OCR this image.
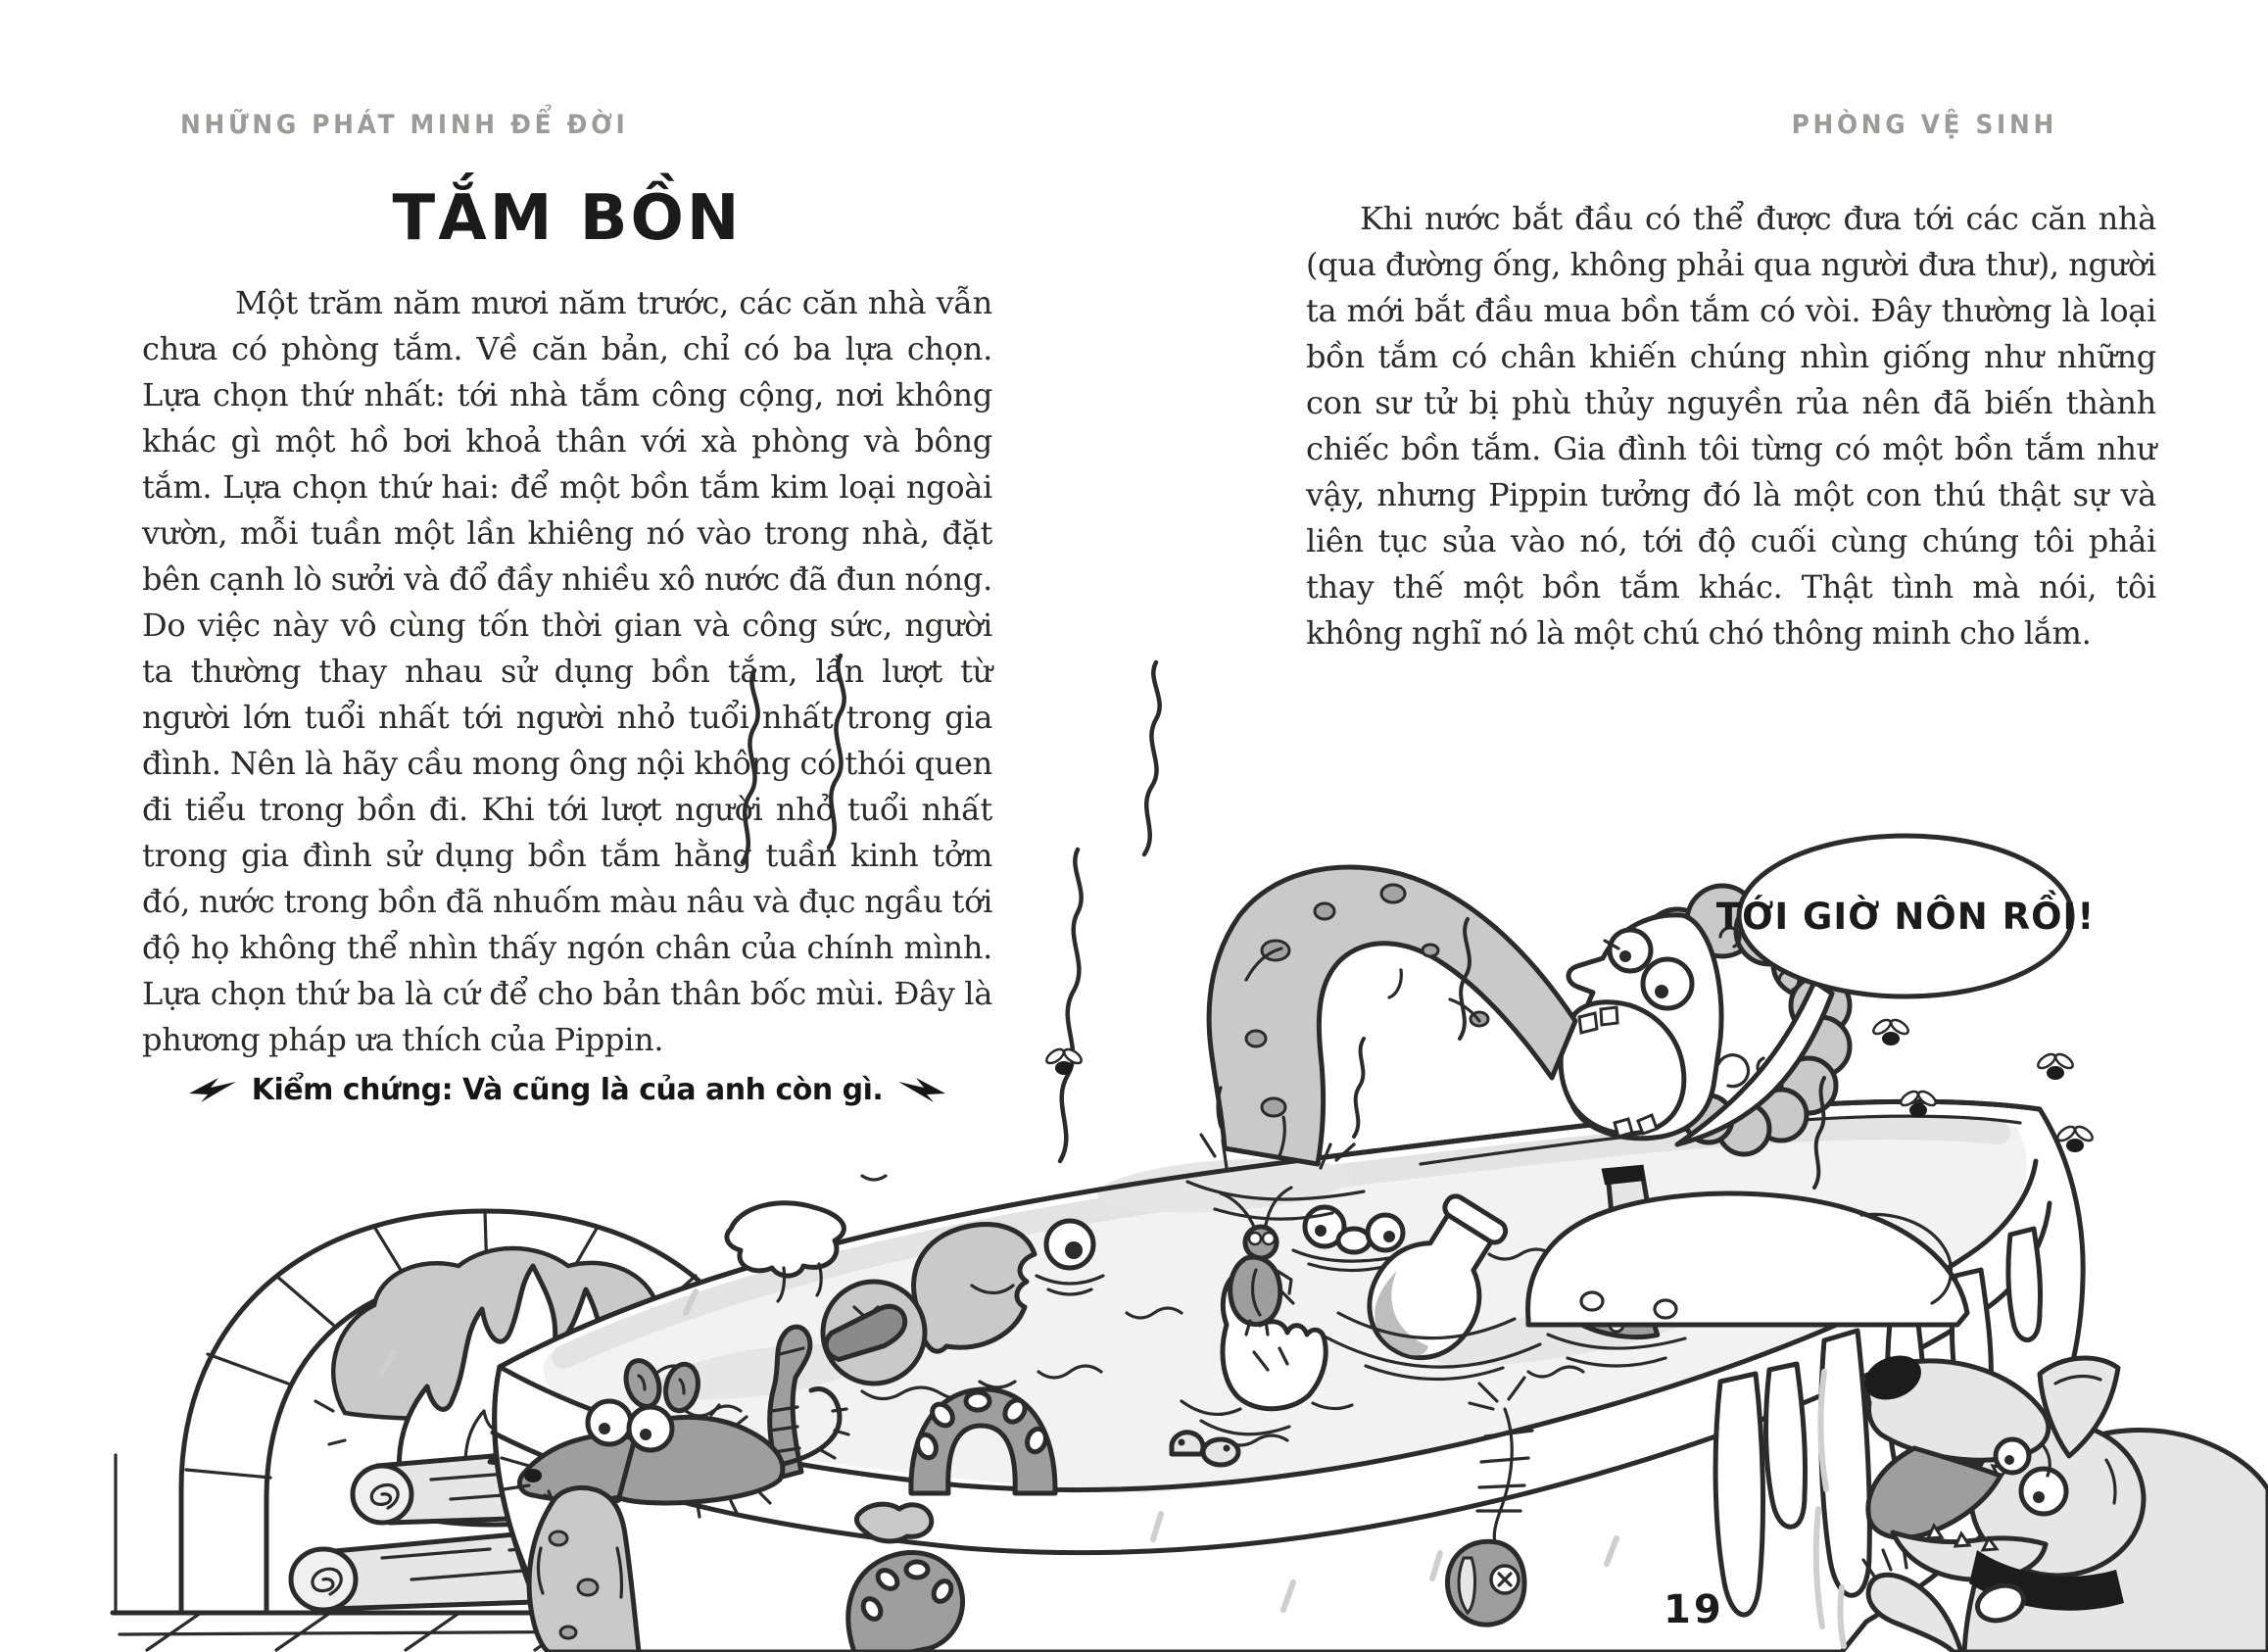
NHỮNG PHÁT MINH ĐỂ ĐỜI	PHÒNG VỆ SINH
TẮM BỒN

Một trăm năm mươi năm trước, các căn nhà vẫn chưa có phòng tắm. Về căn bản, chỉ có ba lựa chọn. Lựa chọn thứ nhất: tới nhà tắm công cộng, nơi không khác gì một hồ bơi khoả thân với xà phòng và bông tắm. Lựa chọn thứ hai: để một bồn tắm kim loại ngoài vườn, mỗi tuần một lần khiêng nó vào trong nhà, đặt bên cạnh lò sưởi và đổ đầy nhiều xô nước đã đun nóng. Do việc này vô cùng tốn thời gian và công sức, người ta thường thay nhau sử dụng bồn tắm, lần lượt từ người lớn tuổi nhất tới người nhỏ tuổi nhất trong gia đình. Nên là hãy cầu mong ông nội không có thói quen đi tiểu trong bồn đi. Khi tới lượt người nhỏ tuổi nhất trong gia đình sử dụng bồn tắm hằng tuần kinh tởm đó, nước trong bồn đã nhuốm màu nâu và đục ngầu tới độ họ không thể nhìn thấy ngón chân của chính mình. Lựa chọn thứ ba là cứ để cho bản thân bốc mùi. Đây là phương pháp ưa thích của Pippin.

Kiểm chứng: Và cũng là của anh còn gì.

Khi nước bắt đầu có thể được đưa tới các căn nhà (qua đường ống, không phải qua người đưa thư), người ta mới bắt đầu mua bồn tắm có vòi. Đây thường là loại bồn tắm có chân khiến chúng nhìn giống như những con sư tử bị phù thủy nguyền rủa nên đã biến thành chiếc bồn tắm. Gia đình tôi từng có một bồn tắm như vậy, nhưng Pippin tưởng đó là một con thú thật sự và liên tục sủa vào nó, tới độ cuối cùng chúng tôi phải thay thế một bồn tắm khác. Thật tình mà nói, tôi không nghĩ nó là một chú chó thông minh cho lắm.

TỚI GIỜ NÔN RỒI!
19
